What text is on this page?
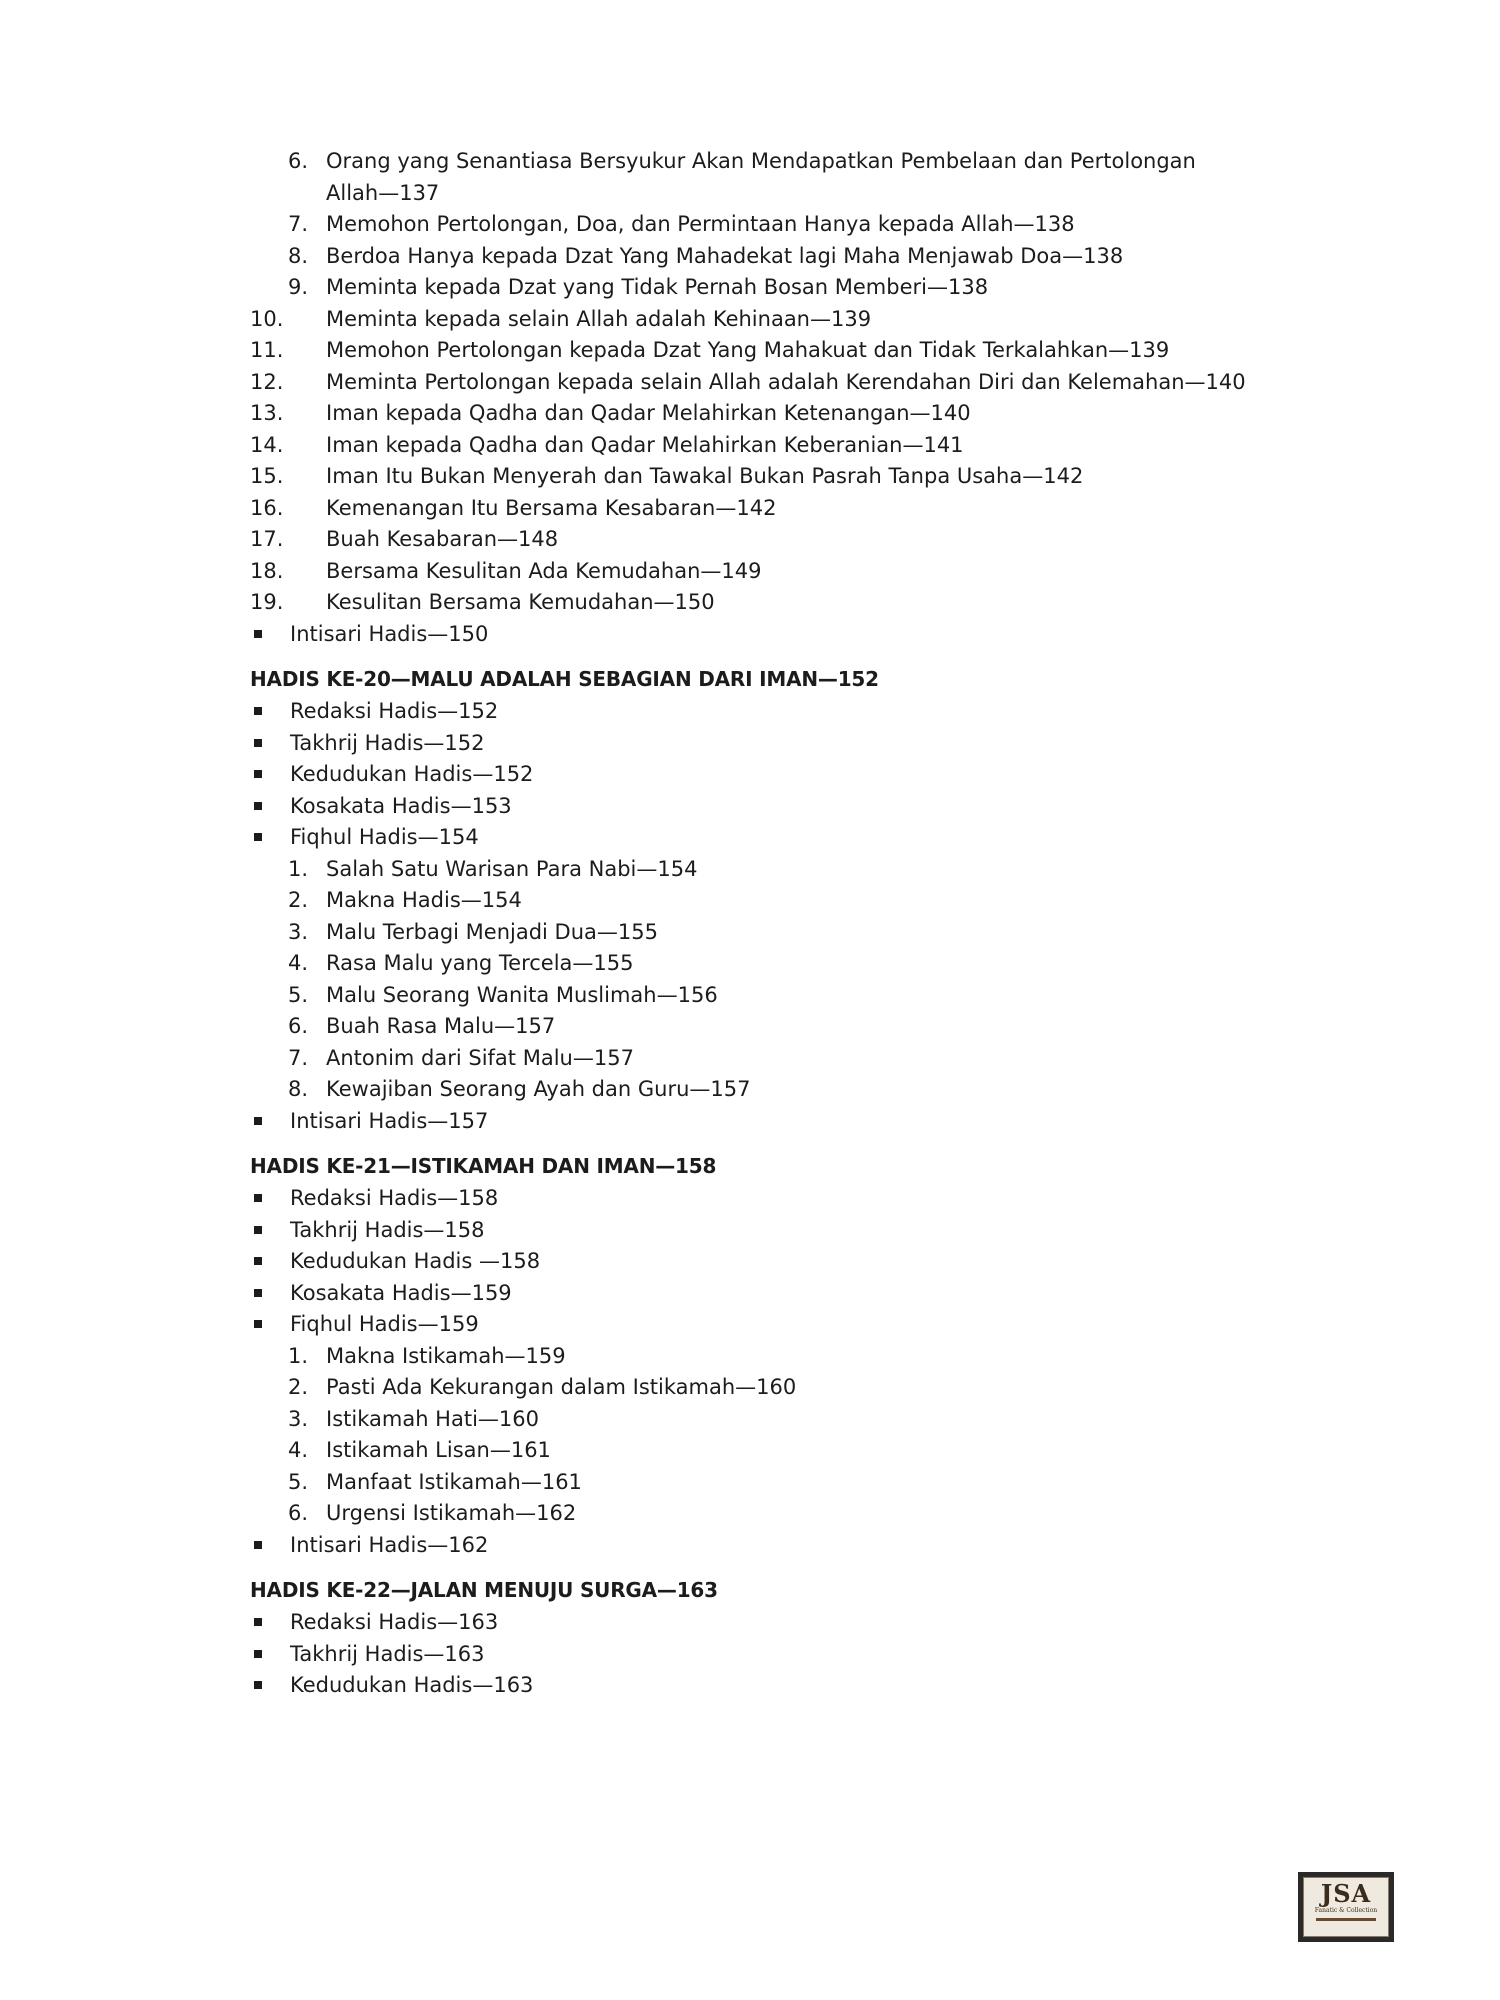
6. Orang yang Senantiasa Bersyukur Akan Mendapatkan Pembelaan dan Pertolongan Allah—137
7. Memohon Pertolongan, Doa, dan Permintaan Hanya kepada Allah—138
8. Berdoa Hanya kepada Dzat Yang Mahadekat lagi Maha Menjawab Doa—138
9. Meminta kepada Dzat yang Tidak Pernah Bosan Memberi—138
10. Meminta kepada selain Allah adalah Kehinaan—139
11. Memohon Pertolongan kepada Dzat Yang Mahakuat dan Tidak Terkalahkan—139
12. Meminta Pertolongan kepada selain Allah adalah Kerendahan Diri dan Kelemahan—140
13. Iman kepada Qadha dan Qadar Melahirkan Ketenangan—140
14. Iman kepada Qadha dan Qadar Melahirkan Keberanian—141
15. Iman Itu Bukan Menyerah dan Tawakal Bukan Pasrah Tanpa Usaha—142
16. Kemenangan Itu Bersama Kesabaran—142
17. Buah Kesabaran—148
18. Bersama Kesulitan Ada Kemudahan—149
19. Kesulitan Bersama Kemudahan—150
Intisari Hadis—150
HADIS KE-20—MALU ADALAH SEBAGIAN DARI IMAN—152
Redaksi Hadis—152
Takhrij Hadis—152
Kedudukan Hadis—152
Kosakata Hadis—153
Fiqhul Hadis—154
1. Salah Satu Warisan Para Nabi—154
2. Makna Hadis—154
3. Malu Terbagi Menjadi Dua—155
4. Rasa Malu yang Tercela—155
5. Malu Seorang Wanita Muslimah—156
6. Buah Rasa Malu—157
7. Antonim dari Sifat Malu—157
8. Kewajiban Seorang Ayah dan Guru—157
Intisari Hadis—157
HADIS KE-21—ISTIKAMAH DAN IMAN—158
Redaksi Hadis—158
Takhrij Hadis—158
Kedudukan Hadis —158
Kosakata Hadis—159
Fiqhul Hadis—159
1. Makna Istikamah—159
2. Pasti Ada Kekurangan dalam Istikamah—160
3. Istikamah Hati—160
4. Istikamah Lisan—161
5. Manfaat Istikamah—161
6. Urgensi Istikamah—162
Intisari Hadis—162
HADIS KE-22—JALAN MENUJU SURGA—163
Redaksi Hadis—163
Takhrij Hadis—163
Kedudukan Hadis—163
JSA
Fanatic & Collection
